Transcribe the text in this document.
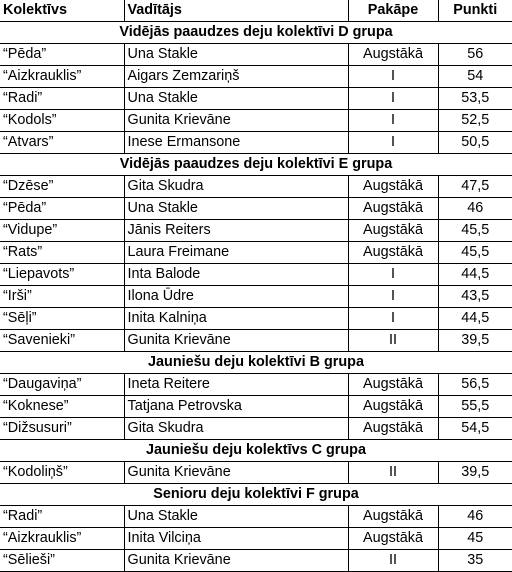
Kolektīvs	Vadītājs	Pakāpe	Punkti
Vidējās paaudzes deju kolektīvi D grupa			
“Pēda”	Una Stakle	Augstākā	56
“Aizkrauklis”	Aigars Zemzariņš	I	54
“Radi”	Una Stakle	I	53,5
“Kodols”	Gunita Krievāne	I	52,5
“Atvars”	Inese Ermansone	I	50,5
Vidējās paaudzes deju kolektīvi E grupa			
“Dzēse”	Gita Skudra	Augstākā	47,5
“Pēda”	Una Stakle	Augstākā	46
“Vidupe”	Jānis Reiters	Augstākā	45,5
“Rats”	Laura Freimane	Augstākā	45,5
“Liepavots”	Inta Balode	I	44,5
“Irši”	Ilona Ūdre	I	43,5
“Sēļi”	Inita Kalniņa	I	44,5
“Savenieki”	Gunita Krievāne	II	39,5
Jauniešu deju kolektīvi B grupa			
“Daugaviņa”	Ineta Reitere	Augstākā	56,5
“Koknese”	Tatjana Petrovska	Augstākā	55,5
“Dižsusuri”	Gita Skudra	Augstākā	54,5
Jauniešu deju kolektīvs C grupa			
“Kodoliņš”	Gunita Krievāne	II	39,5
Senioru deju kolektīvi F grupa			
“Radi”	Una Stakle	Augstākā	46
“Aizkrauklis”	Inita Vilciņa	Augstākā	45
“Sēlieši”	Gunita Krievāne	II	35
